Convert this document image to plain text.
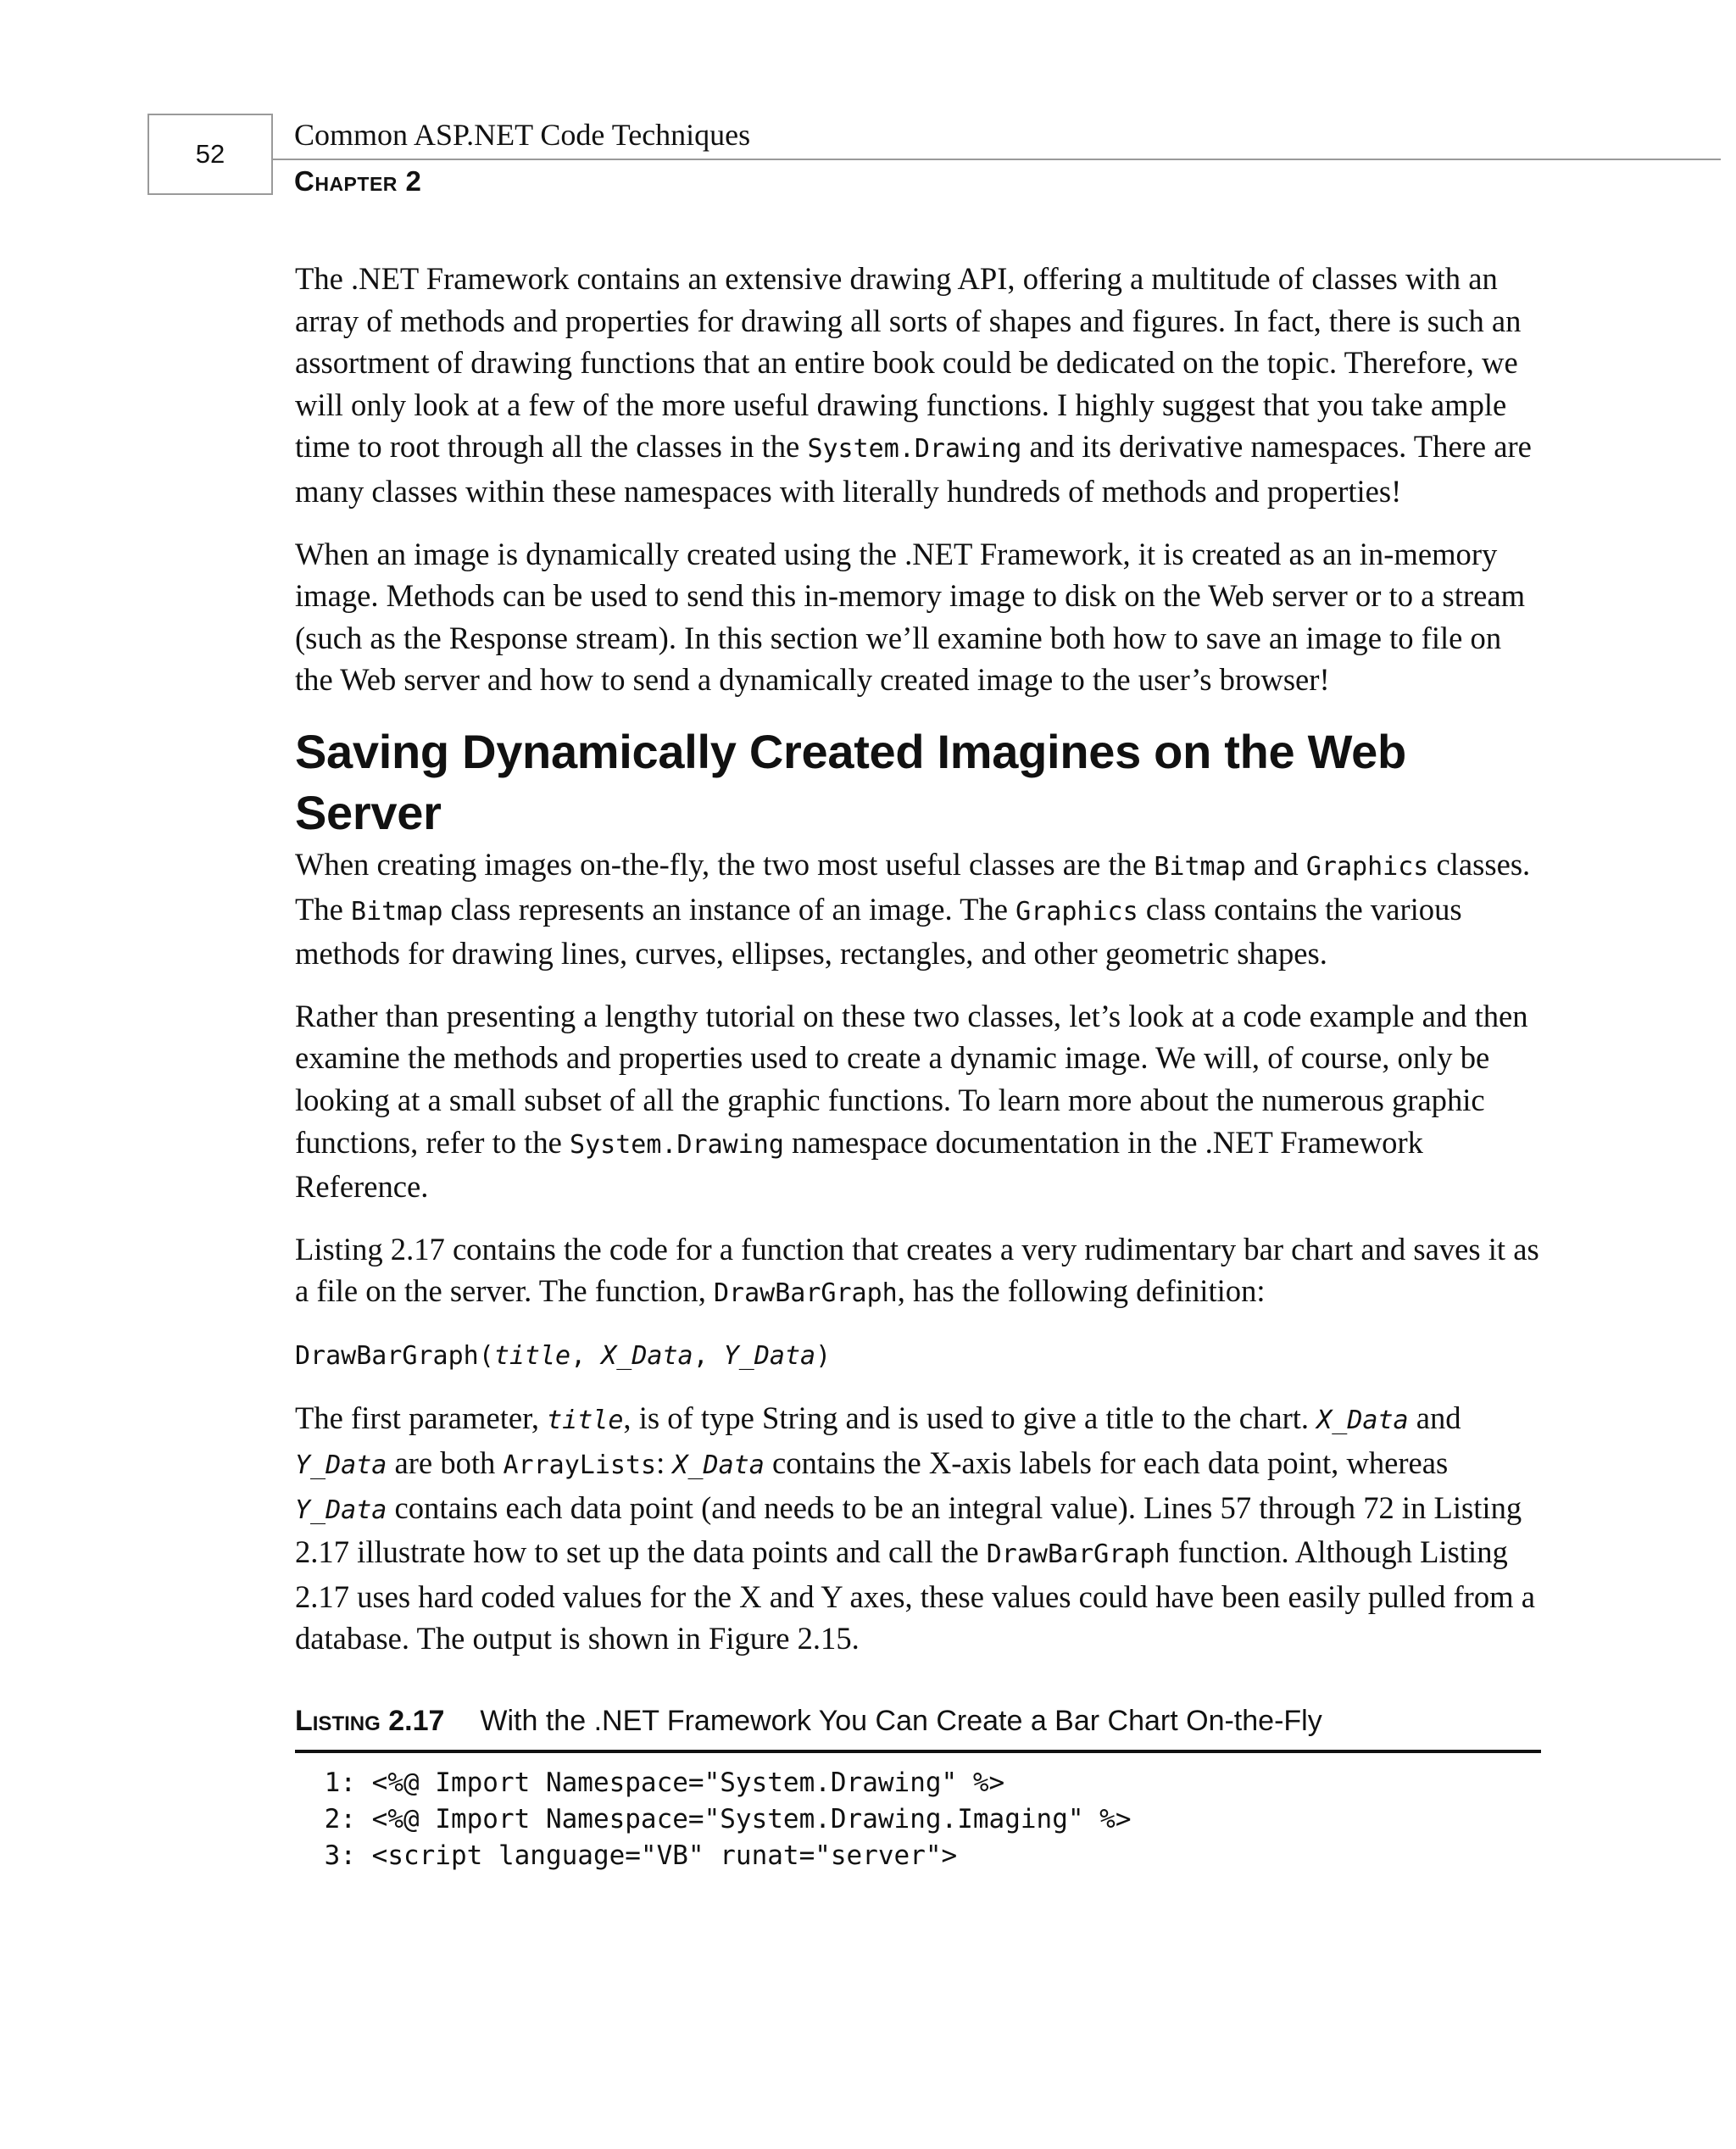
52
Common ASP.NET Code Techniques
Chapter 2

The .NET Framework contains an extensive drawing API, offering a multitude of classes with an array of methods and properties for drawing all sorts of shapes and figures. In fact, there is such an assortment of drawing functions that an entire book could be dedicated on the topic. Therefore, we will only look at a few of the more useful drawing functions. I highly suggest that you take ample time to root through all the classes in the System.Drawing and its derivative namespaces. There are many classes within these namespaces with literally hundreds of methods and properties!

When an image is dynamically created using the .NET Framework, it is created as an in-memory image. Methods can be used to send this in-memory image to disk on the Web server or to a stream (such as the Response stream). In this section we’ll examine both how to save an image to file on the Web server and how to send a dynamically created image to the user’s browser!

Saving Dynamically Created Imagines on the Web Server

When creating images on-the-fly, the two most useful classes are the Bitmap and Graphics classes. The Bitmap class represents an instance of an image. The Graphics class contains the various methods for drawing lines, curves, ellipses, rectangles, and other geometric shapes.

Rather than presenting a lengthy tutorial on these two classes, let’s look at a code example and then examine the methods and properties used to create a dynamic image. We will, of course, only be looking at a small subset of all the graphic functions. To learn more about the numerous graphic functions, refer to the System.Drawing namespace documentation in the .NET Framework Reference.

Listing 2.17 contains the code for a function that creates a very rudimentary bar chart and saves it as a file on the server. The function, DrawBarGraph, has the following definition:

DrawBarGraph(title, X_Data, Y_Data)

The first parameter, title, is of type String and is used to give a title to the chart. X_Data and Y_Data are both ArrayLists: X_Data contains the X-axis labels for each data point, whereas Y_Data contains each data point (and needs to be an integral value). Lines 57 through 72 in Listing 2.17 illustrate how to set up the data points and call the DrawBarGraph function. Although Listing 2.17 uses hard coded values for the X and Y axes, these values could have been easily pulled from a database. The output is shown in Figure 2.15.

Listing 2.17 With the .NET Framework You Can Create a Bar Chart On-the-Fly
1: <%@ Import Namespace="System.Drawing" %>
2: <%@ Import Namespace="System.Drawing.Imaging" %>
3: <script language="VB" runat="server">
